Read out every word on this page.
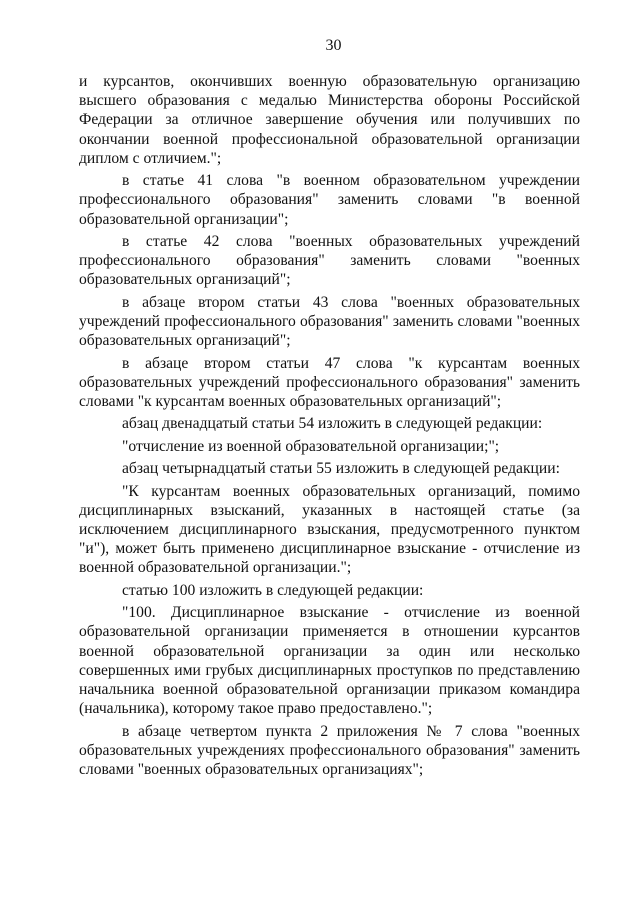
30

и курсантов, окончивших военную образовательную организацию высшего образования с медалью Министерства обороны Российской Федерации за отличное завершение обучения или получивших по окончании военной профессиональной образовательной организации диплом с отличием.";

в статье 41 слова "в военном образовательном учреждении профессионального образования" заменить словами "в военной образовательной организации";

в статье 42 слова "военных образовательных учреждений профессионального образования" заменить словами "военных образовательных организаций";

в абзаце втором статьи 43 слова "военных образовательных учреждений профессионального образования" заменить словами "военных образовательных организаций";

в абзаце втором статьи 47 слова "к курсантам военных образовательных учреждений профессионального образования" заменить словами "к курсантам военных образовательных организаций";

абзац двенадцатый статьи 54 изложить в следующей редакции:

"отчисление из военной образовательной организации;";

абзац четырнадцатый статьи 55 изложить в следующей редакции:

"К курсантам военных образовательных организаций, помимо дисциплинарных взысканий, указанных в настоящей статье (за исключением дисциплинарного взыскания, предусмотренного пунктом "и"), может быть применено дисциплинарное взыскание - отчисление из военной образовательной организации.";

статью 100 изложить в следующей редакции:

"100. Дисциплинарное взыскание - отчисление из военной образовательной организации применяется в отношении курсантов военной образовательной организации за один или несколько совершенных ими грубых дисциплинарных проступков по представлению начальника военной образовательной организации приказом командира (начальника), которому такое право предоставлено.";

в абзаце четвертом пункта 2 приложения № 7 слова "военных образовательных учреждениях профессионального образования" заменить словами "военных образовательных организациях";
